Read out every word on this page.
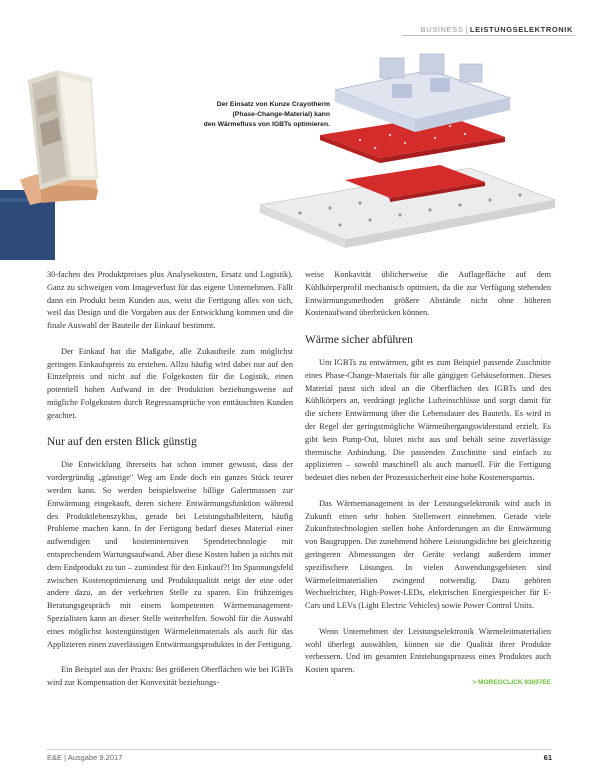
BUSINESS | LEISTUNGSELEKTRONIK
Der Einsatz von Kunze Crayotherm
(Phase-Change-Material) kann
den Wärmefluss von IGBTs optimieren.

30-fachen des Produktpreises plus Analysekosten, Ersatz und Logistik). Ganz zu schweigen vom Imageverlust für das eigene Unternehmen. Fällt dann ein Produkt beim Kunden aus, weist die Fertigung alles von sich, weil das Design und die Vorgaben aus der Entwicklung kommen und die finale Auswahl der Bauteile der Einkauf bestimmt.

Der Einkauf hat die Maßgabe, alle Zukaufteile zum möglichst geringen Einkaufspreis zu erstehen. Allzu häufig wird dabei nur auf den Einzelpreis und nicht auf die Folgekosten für die Logistik, einen potentiell hohen Aufwand in der Produktion beziehungsweise auf mögliche Folgekosten durch Regressansprüche von enttäuschten Kunden geachtet.

Nur auf den ersten Blick günstig

Die Entwicklung ihrerseits hat schon immer gewusst, dass der vordergründig „günstige" Weg am Ende doch ein ganzes Stück teurer werden kann. So werden beispielsweise billige Galertmassen zur Entwärmung eingekauft, deren sichere Entwärmungsfunktion während des Produktlebenszyklus, gerade bei Leistungshalbleitern, häufig Probleme machen kann. In der Fertigung bedarf dieses Material einer aufwendigen und kostenintensiven Spendetechnologie mit entsprechendem Wartungsaufwand. Aber diese Kosten haben ja nichts mit dem Endprodukt zu tun – zumindest für den Einkauf?! Im Spannungsfeld zwischen Kostenoptimierung und Produktqualität neigt der eine oder andere dazu, an der verkehrten Stelle zu sparen. Ein frühzeitiges Beratungsgespräch mit einem kompetenten Wärmemanagement-Spezialisten kann an dieser Stelle weiterhelfen. Sowohl für die Auswahl eines möglichst kostengünstigen Wärmeleitmaterials als auch für das Applizieren einen zuverlässigen Entwärmungsproduktes in der Fertigung.

Ein Beispiel aus der Praxis: Bei größeren Oberflächen wie bei IGBTs wird zur Kompensation der Konvexität beziehungs-

weise Konkavität üblicherweise die Auflagefläche auf dem Kühlkörperprofil mechanisch optimiert, da die zur Verfügung stehenden Entwärmungsmethoden größere Abstände nicht ohne höheren Kostenaufwand überbrücken können.

Wärme sicher abführen

Um IGBTs zu entwärmen, gibt es zum Beispiel passende Zuschnitte eines Phase-Change-Materials für alle gängigen Gehäuseformen. Dieses Material passt sich ideal an die Oberflächen des IGBTs und des Kühlkörpers an, verdrängt jegliche Lufteinschlüsse und sorgt damit für die sichere Entwärmung über die Lebensdauer des Bauteils. Es wird in der Regel der geringstmögliche Wärmeübergangswiderstand erzielt. Es gibt kein Pump-Out, blutet nicht aus und behält seine zuverlässige thermische Anbindung. Die passenden Zuschnitte sind einfach zu applizieren – sowohl maschinell als auch manuell. Für die Fertigung bedeutet dies neben der Prozesssicherheit eine hohe Kostenersparnis.

Das Wärmemanagement in der Leistungselektronik wird auch in Zukunft einen sehr hohen Stellenwert einnehmen. Gerade viele Zukunftstechnologien stellen hohe Anforderungen an die Entwärmung von Baugruppen. Die zunehmend höhere Leistungsdichte bei gleichzeitig geringeren Abmessungen der Geräte verlangt außerdem immer spezifischere Lösungen. In vielen Anwendungsgebieten sind Wärmeleitmaterialien zwingend notwendig. Dazu gehören Wechselrichter, High-Power-LEDs, elektrischen Energiespeicher für E-Cars und LEVs (Light Electric Vehicles) sowie Power Control Units.

Wenn Unternehmen der Leistungselektronik Wärmeleitmaterialien wohl überlegt auswählen, können sie die Qualität ihrer Produkte verbessern. Und im gesamten Entstehungsprozess eines Produktes auch Kosten sparen.

> MOREOCLICK 93697EE
E&E | Ausgabe 9.2017	61
